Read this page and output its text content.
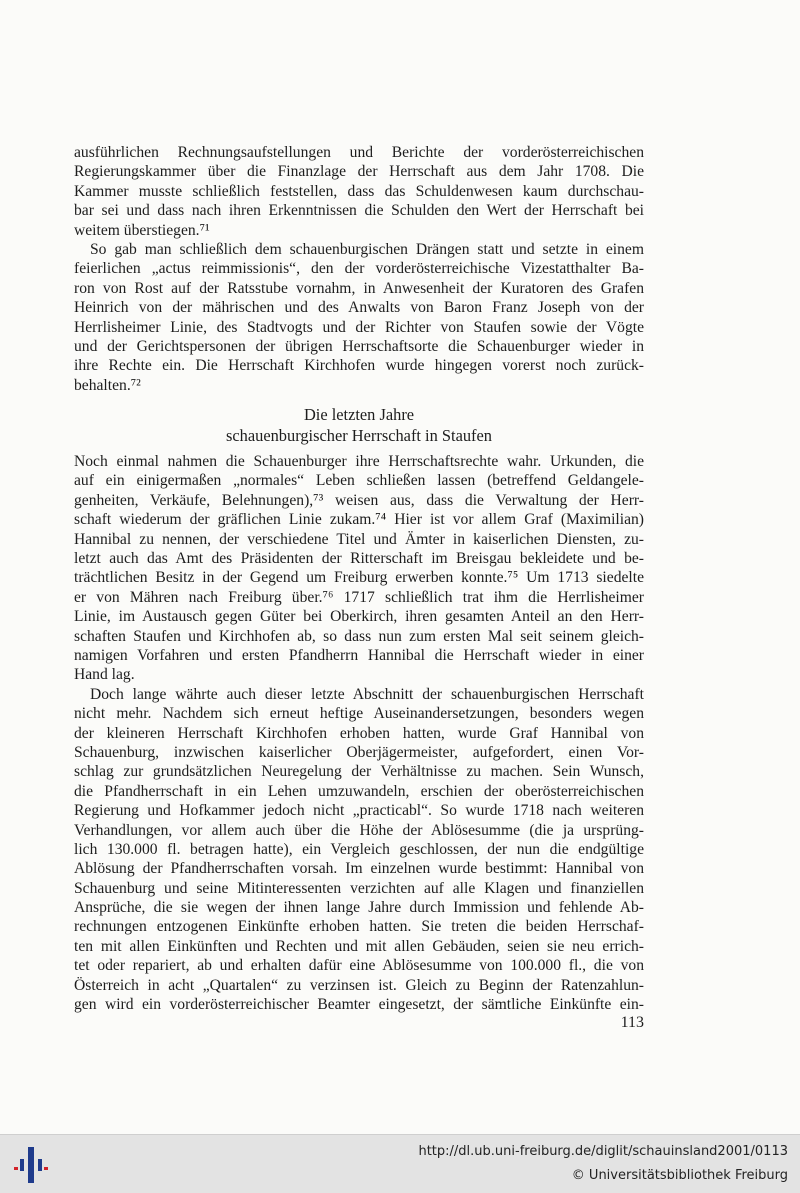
ausführlichen Rechnungsaufstellungen und Berichte der vorderösterreichischen
Regierungskammer über die Finanzlage der Herrschaft aus dem Jahr 1708. Die
Kammer musste schließlich feststellen, dass das Schuldenwesen kaum durchschau-
bar sei und dass nach ihren Erkenntnissen die Schulden den Wert der Herrschaft bei
weitem überstiegen.⁷¹
So gab man schließlich dem schauenburgischen Drängen statt und setzte in einem
feierlichen „actus reimmissionis“, den der vorderösterreichische Vizestatthalter Ba-
ron von Rost auf der Ratsstube vornahm, in Anwesenheit der Kuratoren des Grafen
Heinrich von der mährischen und des Anwalts von Baron Franz Joseph von der
Herrlisheimer Linie, des Stadtvogts und der Richter von Staufen sowie der Vögte
und der Gerichtspersonen der übrigen Herrschaftsorte die Schauenburger wieder in
ihre Rechte ein. Die Herrschaft Kirchhofen wurde hingegen vorerst noch zurück-
behalten.⁷²
Die letzten Jahre
schauenburgischer Herrschaft in Staufen
Noch einmal nahmen die Schauenburger ihre Herrschaftsrechte wahr. Urkunden, die
auf ein einigermaßen „normales“ Leben schließen lassen (betreffend Geldangele-
genheiten, Verkäufe, Belehnungen),⁷³ weisen aus, dass die Verwaltung der Herr-
schaft wiederum der gräflichen Linie zukam.⁷⁴ Hier ist vor allem Graf (Maximilian)
Hannibal zu nennen, der verschiedene Titel und Ämter in kaiserlichen Diensten, zu-
letzt auch das Amt des Präsidenten der Ritterschaft im Breisgau bekleidete und be-
trächtlichen Besitz in der Gegend um Freiburg erwerben konnte.⁷⁵ Um 1713 siedelte
er von Mähren nach Freiburg über.⁷⁶ 1717 schließlich trat ihm die Herrlisheimer
Linie, im Austausch gegen Güter bei Oberkirch, ihren gesamten Anteil an den Herr-
schaften Staufen und Kirchhofen ab, so dass nun zum ersten Mal seit seinem gleich-
namigen Vorfahren und ersten Pfandherrn Hannibal die Herrschaft wieder in einer
Hand lag.
Doch lange währte auch dieser letzte Abschnitt der schauenburgischen Herrschaft
nicht mehr. Nachdem sich erneut heftige Auseinandersetzungen, besonders wegen
der kleineren Herrschaft Kirchhofen erhoben hatten, wurde Graf Hannibal von
Schauenburg, inzwischen kaiserlicher Oberjägermeister, aufgefordert, einen Vor-
schlag zur grundsätzlichen Neuregelung der Verhältnisse zu machen. Sein Wunsch,
die Pfandherrschaft in ein Lehen umzuwandeln, erschien der oberösterreichischen
Regierung und Hofkammer jedoch nicht „practicabl“. So wurde 1718 nach weiteren
Verhandlungen, vor allem auch über die Höhe der Ablösesumme (die ja ursprüng-
lich 130.000 fl. betragen hatte), ein Vergleich geschlossen, der nun die endgültige
Ablösung der Pfandherrschaften vorsah. Im einzelnen wurde bestimmt: Hannibal von
Schauenburg und seine Mitinteressenten verzichten auf alle Klagen und finanziellen
Ansprüche, die sie wegen der ihnen lange Jahre durch Immission und fehlende Ab-
rechnungen entzogenen Einkünfte erhoben hatten. Sie treten die beiden Herrschaf-
ten mit allen Einkünften und Rechten und mit allen Gebäuden, seien sie neu errich-
tet oder repariert, ab und erhalten dafür eine Ablösesumme von 100.000 fl., die von
Österreich in acht „Quartalen“ zu verzinsen ist. Gleich zu Beginn der Ratenzahlun-
gen wird ein vorderösterreichischer Beamter eingesetzt, der sämtliche Einkünfte ein-
113
http://dl.ub.uni-freiburg.de/diglit/schauinsland2001/0113
© Universitätsbibliothek Freiburg
